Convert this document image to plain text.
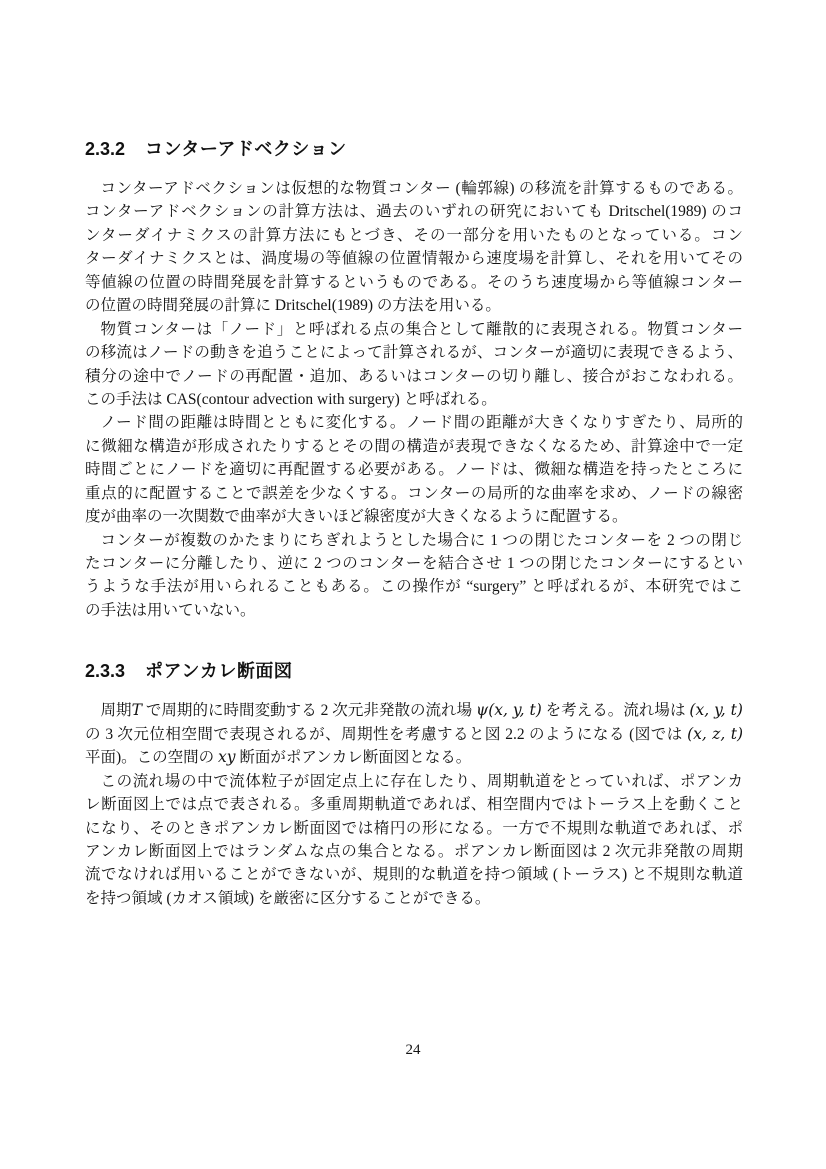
2.3.2 コンターアドベクション
コンターアドベクションは仮想的な物質コンター (輪郭線) の移流を計算するものである。
コンターアドベクションの計算方法は、過去のいずれの研究においても Dritschel(1989) のコ
ンターダイナミクスの計算方法にもとづき、その一部分を用いたものとなっている。コン
ターダイナミクスとは、渦度場の等値線の位置情報から速度場を計算し、それを用いてその
等値線の位置の時間発展を計算するというものである。そのうち速度場から等値線コンター
の位置の時間発展の計算に Dritschel(1989) の方法を用いる。
物質コンターは「ノード」と呼ばれる点の集合として離散的に表現される。物質コンター
の移流はノードの動きを追うことによって計算されるが、コンターが適切に表現できるよう、
積分の途中でノードの再配置・追加、あるいはコンターの切り離し、接合がおこなわれる。
この手法は CAS(contour advection with surgery) と呼ばれる。
ノード間の距離は時間とともに変化する。ノード間の距離が大きくなりすぎたり、局所的
に微細な構造が形成されたりするとその間の構造が表現できなくなるため、計算途中で一定
時間ごとにノードを適切に再配置する必要がある。ノードは、微細な構造を持ったところに
重点的に配置することで誤差を少なくする。コンターの局所的な曲率を求め、ノードの線密
度が曲率の一次関数で曲率が大きいほど線密度が大きくなるように配置する。
コンターが複数のかたまりにちぎれようとした場合に 1 つの閉じたコンターを 2 つの閉じ
たコンターに分離したり、逆に 2 つのコンターを結合させ 1 つの閉じたコンターにするとい
うような手法が用いられることもある。この操作が “surgery” と呼ばれるが、本研究ではこ
の手法は用いていない。
2.3.3 ポアンカレ断面図
周期T で周期的に時間変動する 2 次元非発散の流れ場 ψ(x, y, t) を考える。流れ場は (x, y, t)
の 3 次元位相空間で表現されるが、周期性を考慮すると図 2.2 のようになる (図では (x, z, t)
平面)。この空間の xy 断面がポアンカレ断面図となる。
この流れ場の中で流体粒子が固定点上に存在したり、周期軌道をとっていれば、ポアンカ
レ断面図上では点で表される。多重周期軌道であれば、相空間内ではトーラス上を動くこと
になり、そのときポアンカレ断面図では楕円の形になる。一方で不規則な軌道であれば、ポ
アンカレ断面図上ではランダムな点の集合となる。ポアンカレ断面図は 2 次元非発散の周期
流でなければ用いることができないが、規則的な軌道を持つ領域 (トーラス) と不規則な軌道
を持つ領域 (カオス領域) を厳密に区分することができる。
24
